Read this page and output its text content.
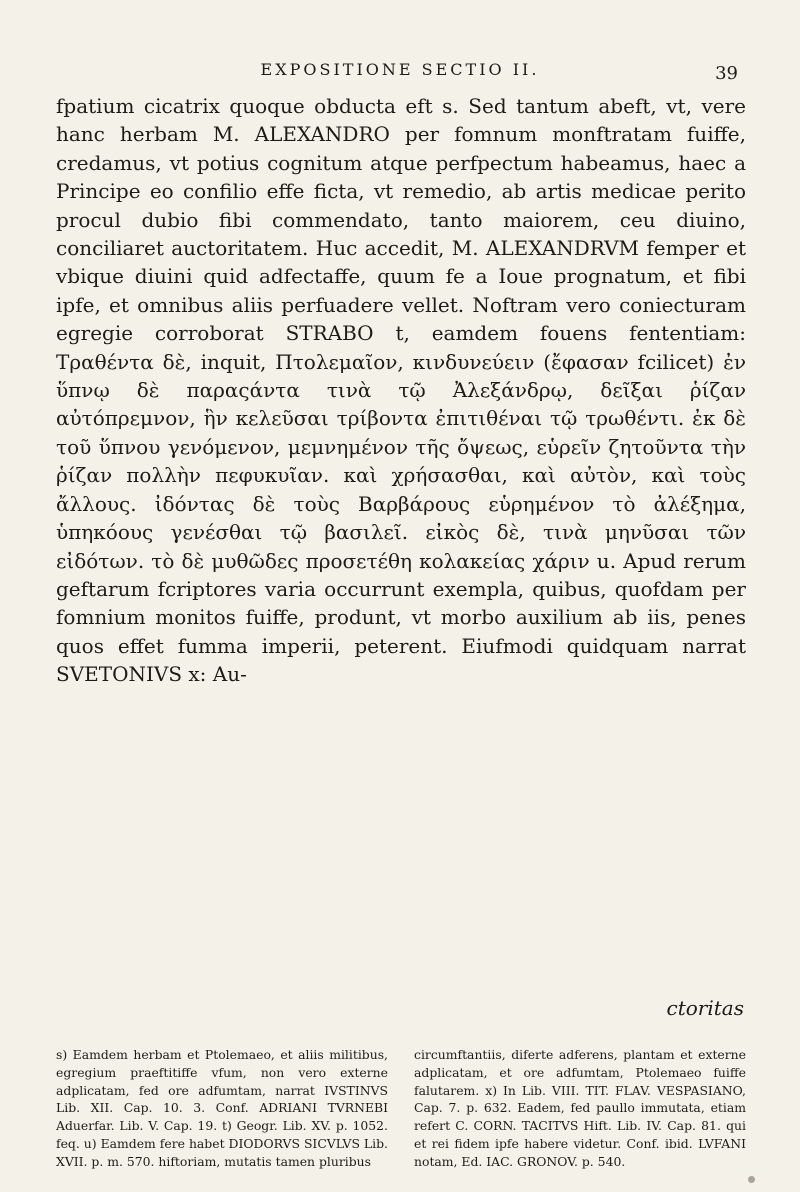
EXPOSITIONE SECTIO II.	39

fpatium cicatrix quoque obducta eft s. Sed tantum abeft, vt, vere hanc herbam M. ALEXANDRO per fomnum monftratam fuiffe, credamus, vt potius cognitum atque perfpectum habeamus, haec a Principe eo confilio effe ficta, vt remedio, ab artis medicae perito procul dubio fibi commendato, tanto maiorem, ceu diuino, conciliaret auctoritatem. Huc accedit, M. ALEXANDRVM femper et vbique diuini quid adfectaffe, quum fe a Ioue prognatum, et fibi ipfe, et omnibus aliis perfuadere vellet. Noftram vero coniecturam egregie corroborat STRABO t, eamdem fouens fententiam: Τραθέντα δὲ, inquit, Πτολεμαῖον, κινδυνεύειν (ἔφασαν fcilicet) ἐν ὕπνῳ δὲ παραςάντα τινὰ τῷ Ἀλεξάνδρῳ, δεῖξαι ῥίζαν αὐτόπρεμνον, ἣν κελεῦσαι τρίβοντα ἐπιτιθέναι τῷ τρωθέντι. ἐκ δὲ τοῦ ὕπνου γενόμενον, μεμνημένον τῆς ὄψεως, εὑρεῖν ζητοῦντα τὴν ῥίζαν πολλὴν πεφυκυῖαν. καὶ χρήσασθαι, καὶ αὐτὸν, καὶ τοὺς ἄλλους. ἰδόντας δὲ τοὺς Βαρβάρους εὑρημένον τὸ ἀλέξημα, ὑπηκόους γενέσθαι τῷ βασιλεῖ. εἰκὸς δὲ, τινὰ μηνῦσαι τῶν εἰδότων. τὸ δὲ μυθῶδες προσετέθη κολακείας χάριν u. Apud rerum geftarum fcriptores varia occurrunt exempla, quibus, quofdam per fomnium monitos fuiffe, produnt, vt morbo auxilium ab iis, penes quos effet fumma imperii, peterent. Eiufmodi quidquam narrat SVETONIVS x: Au-

ctoritas

s) Eamdem herbam et Ptolemaeo, et aliis militibus, egregium praeftitiffe vfum, non vero externe adplicatam, fed ore adfumtam, narrat IVSTINVS Lib. XII. Cap. 10. 3. Conf. ADRIANI TVRNEBI Aduerfar. Lib. V. Cap. 19. t) Geogr. Lib. XV. p. 1052. feq. u) Eamdem fere habet DIODORVS SICVLVS Lib. XVII. p. m. 570. hiftoriam, mutatis tamen pluribus

circumftantiis, diferte adferens, plantam et externe adplicatam, et ore adfumtam, Ptolemaeo fuiffe falutarem. x) In Lib. VIII. TIT. FLAV. VESPASIANO, Cap. 7. p. 632. Eadem, fed paullo immutata, etiam refert C. CORN. TACITVS Hift. Lib. IV. Cap. 81. qui et rei fidem ipfe habere videtur. Conf. ibid. LVFANI notam, Ed. IAC. GRONOV. p. 540.
